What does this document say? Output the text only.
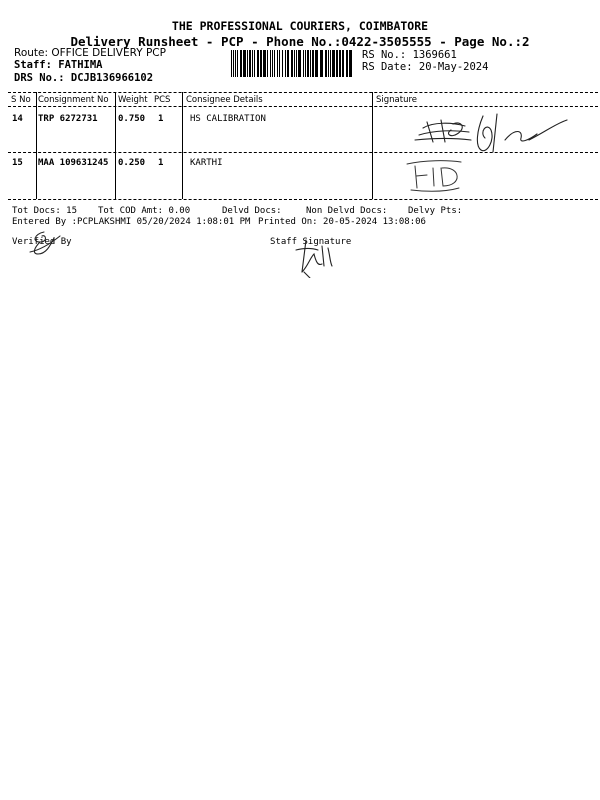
THE PROFESSIONAL COURIERS, COIMBATORE
Delivery Runsheet - PCP - Phone No.:0422-3505555 - Page No.:2
Route: OFFICE DELIVERY PCP
Staff: FATHIMA
DRS No.: DCJB136966102
RS No.: 1369661
RS Date: 20-May-2024
S No Consignment No Weight PCS Consignee Details	Signature
14 TRP 6272731 0.750 1	HS CALIBRATION
15 MAA 109631245 0.250 1	KARTHI
Tot Docs: 15 Tot COD Amt: 0.00	Delvd Docs:	Non Delvd Docs: Delvy Pts:
Entered By :PCPLAKSHMI 05/20/2024 1:08:01 PM Printed On: 20-05-2024 13:08:06
Verified By	Staff Signature
